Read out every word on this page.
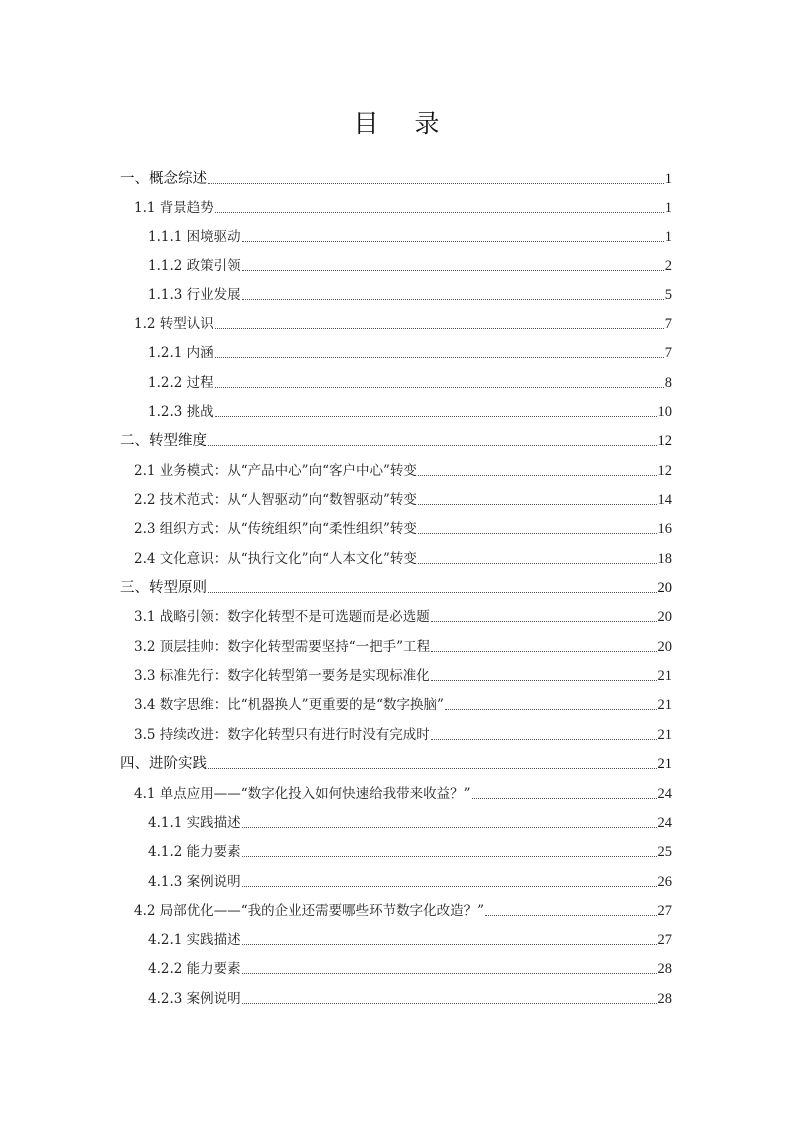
目 录
一、概念综述	1
1.1 背景趋势	1
1.1.1 困境驱动	1
1.1.2 政策引领	2
1.1.3 行业发展	5
1.2 转型认识	7
1.2.1 内涵	7
1.2.2 过程	8
1.2.3 挑战	10
二、转型维度	12
2.1 业务模式：从“产品中心”向“客户中心”转变	12
2.2 技术范式：从“人智驱动”向“数智驱动”转变	14
2.3 组织方式：从“传统组织”向“柔性组织”转变	16
2.4 文化意识：从“执行文化”向“人本文化”转变	18
三、转型原则	20
3.1 战略引领：数字化转型不是可选题而是必选题	20
3.2 顶层挂帅：数字化转型需要坚持“一把手”工程	20
3.3 标准先行：数字化转型第一要务是实现标准化	21
3.4 数字思维：比“机器换人”更重要的是“数字换脑”	21
3.5 持续改进：数字化转型只有进行时没有完成时	21
四、进阶实践	21
4.1 单点应用——“数字化投入如何快速给我带来收益？”	24
4.1.1 实践描述	24
4.1.2 能力要素	25
4.1.3 案例说明	26
4.2 局部优化——“我的企业还需要哪些环节数字化改造？”	27
4.2.1 实践描述	27
4.2.2 能力要素	28
4.2.3 案例说明	28
